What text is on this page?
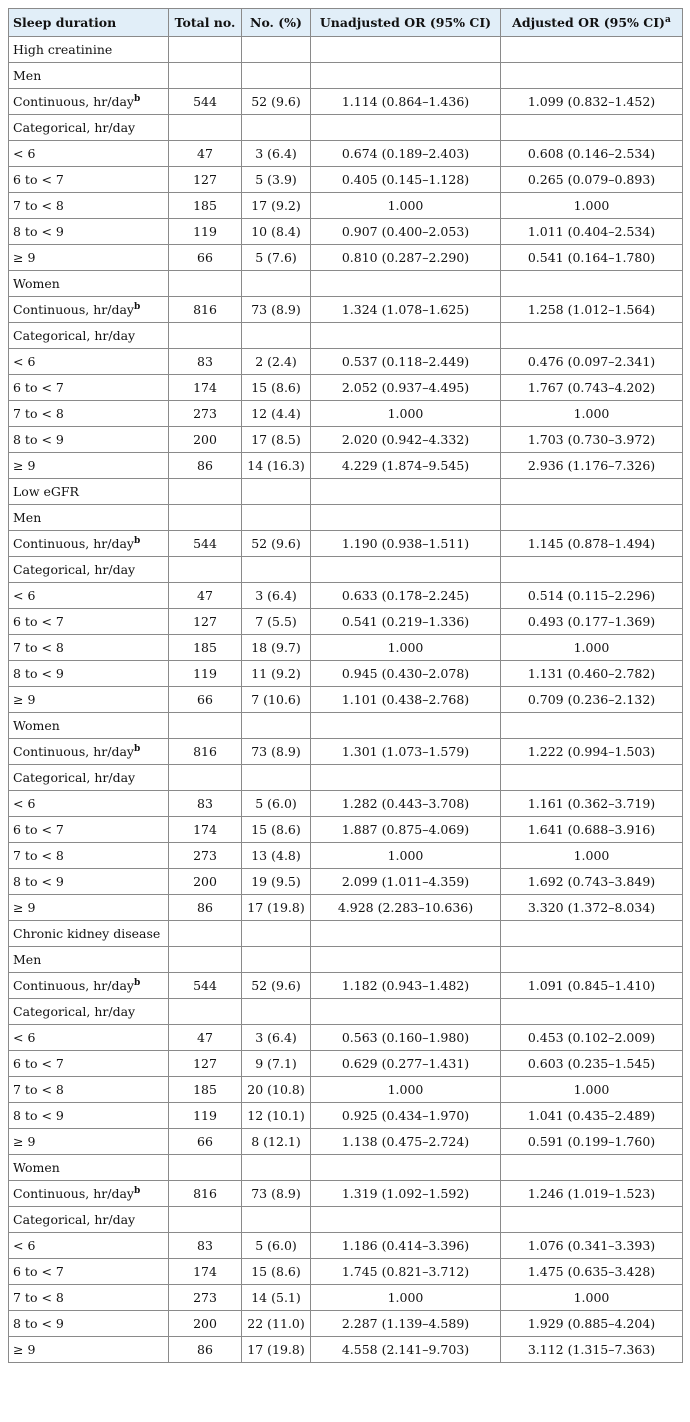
Sleep duration	Total no.	No. (%)	Unadjusted OR (95% CI)	Adjusted OR (95% CI)$^a$
High creatinine				
Men				
Continuous, hr/day$^b$	544	52 (9.6)	1.114 (0.864–1.436)	1.099 (0.832–1.452)
Categorical, hr/day				
< 6	47	3 (6.4)	0.674 (0.189–2.403)	0.608 (0.146–2.534)
6 to < 7	127	5 (3.9)	0.405 (0.145–1.128)	0.265 (0.079–0.893)
7 to < 8	185	17 (9.2)	1.000	1.000
8 to < 9	119	10 (8.4)	0.907 (0.400–2.053)	1.011 (0.404–2.534)
≥ 9	66	5 (7.6)	0.810 (0.287–2.290)	0.541 (0.164–1.780)
Women				
Continuous, hr/day$^b$	816	73 (8.9)	1.324 (1.078–1.625)	1.258 (1.012–1.564)
Categorical, hr/day				
< 6	83	2 (2.4)	0.537 (0.118–2.449)	0.476 (0.097–2.341)
6 to < 7	174	15 (8.6)	2.052 (0.937–4.495)	1.767 (0.743–4.202)
7 to < 8	273	12 (4.4)	1.000	1.000
8 to < 9	200	17 (8.5)	2.020 (0.942–4.332)	1.703 (0.730–3.972)
≥ 9	86	14 (16.3)	4.229 (1.874–9.545)	2.936 (1.176–7.326)
Low eGFR				
Men				
Continuous, hr/day$^b$	544	52 (9.6)	1.190 (0.938–1.511)	1.145 (0.878–1.494)
Categorical, hr/day				
< 6	47	3 (6.4)	0.633 (0.178–2.245)	0.514 (0.115–2.296)
6 to < 7	127	7 (5.5)	0.541 (0.219–1.336)	0.493 (0.177–1.369)
7 to < 8	185	18 (9.7)	1.000	1.000
8 to < 9	119	11 (9.2)	0.945 (0.430–2.078)	1.131 (0.460–2.782)
≥ 9	66	7 (10.6)	1.101 (0.438–2.768)	0.709 (0.236–2.132)
Women				
Continuous, hr/day$^b$	816	73 (8.9)	1.301 (1.073–1.579)	1.222 (0.994–1.503)
Categorical, hr/day				
< 6	83	5 (6.0)	1.282 (0.443–3.708)	1.161 (0.362–3.719)
6 to < 7	174	15 (8.6)	1.887 (0.875–4.069)	1.641 (0.688–3.916)
7 to < 8	273	13 (4.8)	1.000	1.000
8 to < 9	200	19 (9.5)	2.099 (1.011–4.359)	1.692 (0.743–3.849)
≥ 9	86	17 (19.8)	4.928 (2.283–10.636)	3.320 (1.372–8.034)
Chronic kidney disease				
Men				
Continuous, hr/day$^b$	544	52 (9.6)	1.182 (0.943–1.482)	1.091 (0.845–1.410)
Categorical, hr/day				
< 6	47	3 (6.4)	0.563 (0.160–1.980)	0.453 (0.102–2.009)
6 to < 7	127	9 (7.1)	0.629 (0.277–1.431)	0.603 (0.235–1.545)
7 to < 8	185	20 (10.8)	1.000	1.000
8 to < 9	119	12 (10.1)	0.925 (0.434–1.970)	1.041 (0.435–2.489)
≥ 9	66	8 (12.1)	1.138 (0.475–2.724)	0.591 (0.199–1.760)
Women				
Continuous, hr/day$^b$	816	73 (8.9)	1.319 (1.092–1.592)	1.246 (1.019–1.523)
Categorical, hr/day				
< 6	83	5 (6.0)	1.186 (0.414–3.396)	1.076 (0.341–3.393)
6 to < 7	174	15 (8.6)	1.745 (0.821–3.712)	1.475 (0.635–3.428)
7 to < 8	273	14 (5.1)	1.000	1.000
8 to < 9	200	22 (11.0)	2.287 (1.139–4.589)	1.929 (0.885–4.204)
≥ 9	86	17 (19.8)	4.558 (2.141–9.703)	3.112 (1.315–7.363)
